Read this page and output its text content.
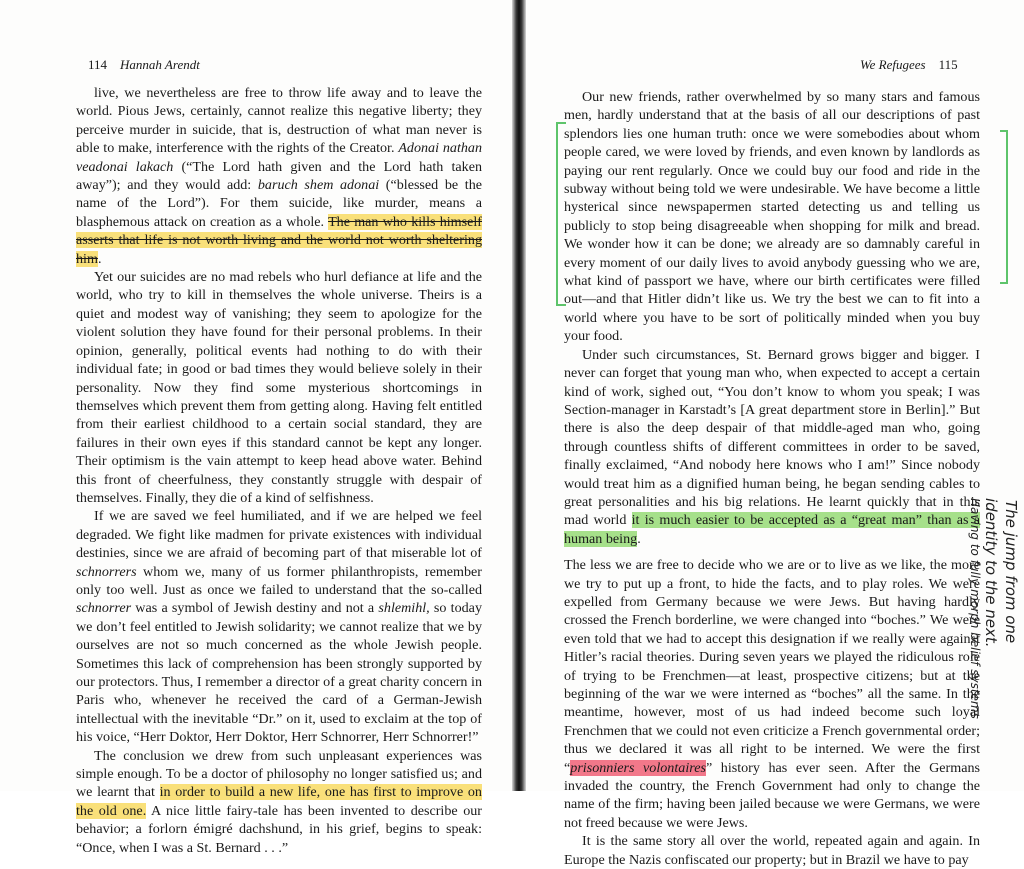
114 Hannah Arendt

live, we nevertheless are free to throw life away and to leave the world. Pious Jews, certainly, cannot realize this negative liberty; they perceive murder in suicide, that is, destruction of what man never is able to make, interference with the rights of the Creator. Adonai nathan veadonai lakach (“The Lord hath given and the Lord hath taken away”); and they would add: baruch shem adonai (“blessed be the name of the Lord”). For them suicide, like murder, means a blasphemous attack on creation as a whole. The man who kills himself asserts that life is not worth living and the world not worth sheltering him.

Yet our suicides are no mad rebels who hurl defiance at life and the world, who try to kill in themselves the whole universe. Theirs is a quiet and modest way of vanishing; they seem to apologize for the violent solution they have found for their personal problems. In their opinion, generally, political events had nothing to do with their individual fate; in good or bad times they would believe solely in their personality. Now they find some mysterious shortcomings in themselves which prevent them from getting along. Having felt entitled from their earliest childhood to a certain social standard, they are failures in their own eyes if this standard cannot be kept any longer. Their optimism is the vain attempt to keep head above water. Behind this front of cheerfulness, they constantly struggle with despair of themselves. Finally, they die of a kind of selfishness.

If we are saved we feel humiliated, and if we are helped we feel degraded. We fight like madmen for private existences with individual destinies, since we are afraid of becoming part of that miserable lot of schnorrers whom we, many of us former philanthropists, remember only too well. Just as once we failed to understand that the so-called schnorrer was a symbol of Jewish destiny and not a shlemihl, so today we don’t feel entitled to Jewish solidarity; we cannot realize that we by ourselves are not so much concerned as the whole Jewish people. Sometimes this lack of comprehension has been strongly supported by our protectors. Thus, I remember a director of a great charity concern in Paris who, whenever he received the card of a German-Jewish intellectual with the inevitable “Dr.” on it, used to exclaim at the top of his voice, “Herr Doktor, Herr Doktor, Herr Schnorrer, Herr Schnorrer!”

The conclusion we drew from such unpleasant experiences was simple enough. To be a doctor of philosophy no longer satisfied us; and we learnt that in order to build a new life, one has first to improve on the old one. A nice little fairy-tale has been invented to describe our behavior; a forlorn émigré dachshund, in his grief, begins to speak: “Once, when I was a St. Bernard . . .”

We Refugees 115

Our new friends, rather overwhelmed by so many stars and famous men, hardly understand that at the basis of all our descriptions of past splendors lies one human truth: once we were somebodies about whom people cared, we were loved by friends, and even known by landlords as paying our rent regularly. Once we could buy our food and ride in the subway without being told we were undesirable. We have become a little hysterical since newspapermen started detecting us and telling us publicly to stop being disagreeable when shopping for milk and bread. We wonder how it can be done; we already are so damnably careful in every moment of our daily lives to avoid anybody guessing who we are, what kind of passport we have, where our birth certificates were filled out—and that Hitler didn’t like us. We try the best we can to fit into a world where you have to be sort of politically minded when you buy your food.

Under such circumstances, St. Bernard grows bigger and bigger. I never can forget that young man who, when expected to accept a certain kind of work, sighed out, “You don’t know to whom you speak; I was Section-manager in Karstadt’s [A great department store in Berlin].” But there is also the deep despair of that middle-aged man who, going through countless shifts of different committees in order to be saved, finally exclaimed, “And nobody here knows who I am!” Since nobody would treat him as a dignified human being, he began sending cables to great personalities and his big relations. He learnt quickly that in this mad world it is much easier to be accepted as a “great man” than as a human being.

The less we are free to decide who we are or to live as we like, the more we try to put up a front, to hide the facts, and to play roles. We were expelled from Germany because we were Jews. But having hardly crossed the French borderline, we were changed into “boches.” We were even told that we had to accept this designation if we really were against Hitler’s racial theories. During seven years we played the ridiculous role of trying to be Frenchmen—at least, prospective citizens; but at the beginning of the war we were interned as “boches” all the same. In the meantime, however, most of us had indeed become such loyal Frenchmen that we could not even criticize a French governmental order; thus we declared it was all right to be interned. We were the first “prisonniers volontaires” history has ever seen. After the Germans invaded the country, the French Government had only to change the name of the firm; having been jailed because we were Germans, we were not freed because we were Jews.

It is the same story all over the world, repeated again and again. In Europe the Nazis confiscated our property; but in Brazil we have to pay

The jump from one
identity to the next.
Having to fully morph belief systems
